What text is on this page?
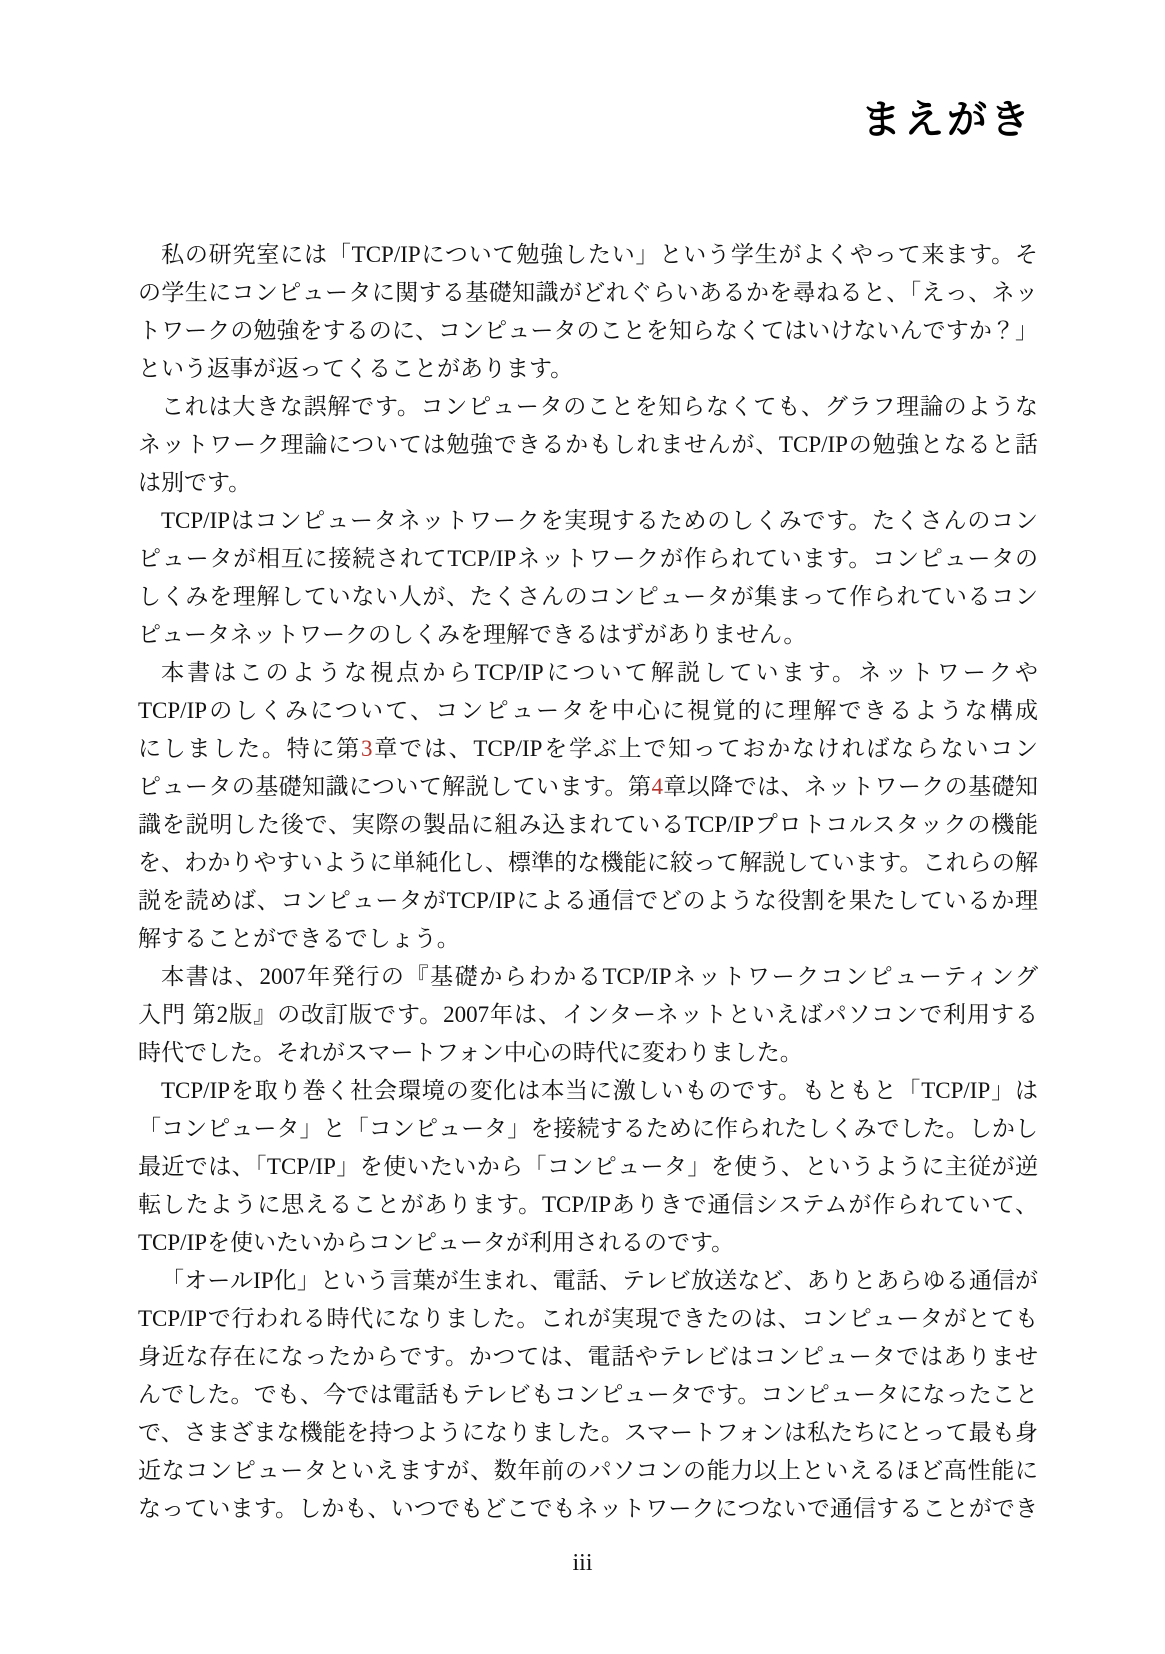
まえがき
私の研究室には「TCP/IPについて勉強したい」という学生がよくやって来ます。そ
の学生にコンピュータに関する基礎知識がどれぐらいあるかを尋ねると、「えっ、ネッ
トワークの勉強をするのに、コンピュータのことを知らなくてはいけないんですか？」
という返事が返ってくることがあります。
これは大きな誤解です。コンピュータのことを知らなくても、グラフ理論のような
ネットワーク理論については勉強できるかもしれませんが、TCP/IPの勉強となると話
は別です。
TCP/IPはコンピュータネットワークを実現するためのしくみです。たくさんのコン
ピュータが相互に接続されてTCP/IPネットワークが作られています。コンピュータの
しくみを理解していない人が、たくさんのコンピュータが集まって作られているコン
ピュータネットワークのしくみを理解できるはずがありません。
本書はこのような視点からTCP/IPについて解説しています。ネットワークや
TCP/IPのしくみについて、コンピュータを中心に視覚的に理解できるような構成
にしました。特に第3章では、TCP/IPを学ぶ上で知っておかなければならないコン
ピュータの基礎知識について解説しています。第4章以降では、ネットワークの基礎知
識を説明した後で、実際の製品に組み込まれているTCP/IPプロトコルスタックの機能
を、わかりやすいように単純化し、標準的な機能に絞って解説しています。これらの解
説を読めば、コンピュータがTCP/IPによる通信でどのような役割を果たしているか理
解することができるでしょう。
本書は、2007年発行の『基礎からわかるTCP/IPネットワークコンピューティング
入門 第2版』の改訂版です。2007年は、インターネットといえばパソコンで利用する
時代でした。それがスマートフォン中心の時代に変わりました。
TCP/IPを取り巻く社会環境の変化は本当に激しいものです。もともと「TCP/IP」は
「コンピュータ」と「コンピュータ」を接続するために作られたしくみでした。しかし
最近では、「TCP/IP」を使いたいから「コンピュータ」を使う、というように主従が逆
転したように思えることがあります。TCP/IPありきで通信システムが作られていて、
TCP/IPを使いたいからコンピュータが利用されるのです。
「オールIP化」という言葉が生まれ、電話、テレビ放送など、ありとあらゆる通信が
TCP/IPで行われる時代になりました。これが実現できたのは、コンピュータがとても
身近な存在になったからです。かつては、電話やテレビはコンピュータではありませ
んでした。でも、今では電話もテレビもコンピュータです。コンピュータになったこと
で、さまざまな機能を持つようになりました。スマートフォンは私たちにとって最も身
近なコンピュータといえますが、数年前のパソコンの能力以上といえるほど高性能に
なっています。しかも、いつでもどこでもネットワークにつないで通信することができ
iii
